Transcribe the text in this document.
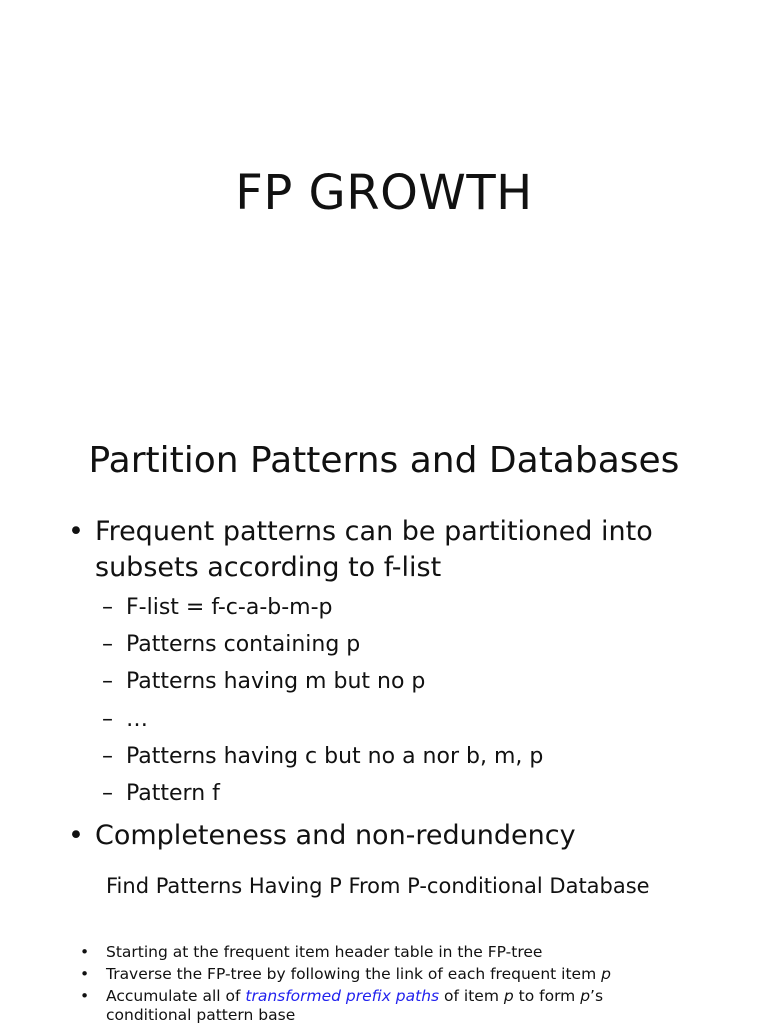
FP GROWTH
Partition Patterns and Databases
• Frequent patterns can be partitioned into subsets according to f-list
– F-list = f-c-a-b-m-p
– Patterns containing p
– Patterns having m but no p
– …
– Patterns having c but no a nor b, m, p
– Pattern f
• Completeness and non-redundency
Find Patterns Having P From P-conditional Database
• Starting at the frequent item header table in the FP-tree
• Traverse the FP-tree by following the link of each frequent item p
• Accumulate all of transformed prefix paths of item p to form p’s conditional pattern base
